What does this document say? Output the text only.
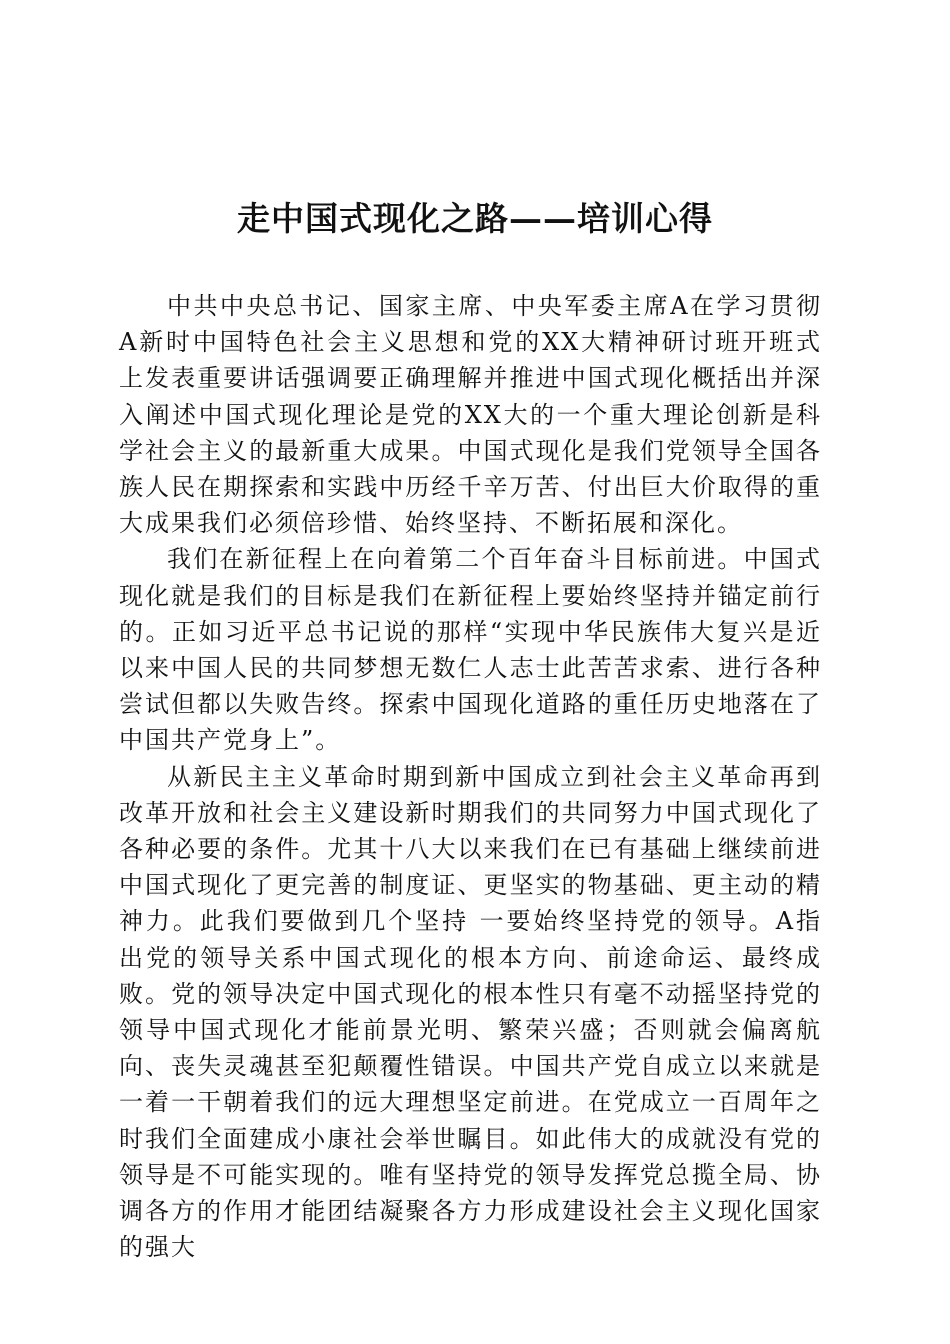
走中国式现化之路——培训心得

中共中央总书记、国家主席、中央军委主席A在学习贯彻A新时中国特色社会主义思想和党的XX大精神研讨班开班式上发表重要讲话强调要正确理解并推进中国式现化概括出并深入阐述中国式现化理论是党的XX大的一个重大理论创新是科学社会主义的最新重大成果。中国式现化是我们党领导全国各族人民在期探索和实践中历经千辛万苦、付出巨大价取得的重大成果我们必须倍珍惜、始终坚持、不断拓展和深化。

我们在新征程上在向着第二个百年奋斗目标前进。中国式现化就是我们的目标是我们在新征程上要始终坚持并锚定前行的。正如习近平总书记说的那样“实现中华民族伟大复兴是近以来中国人民的共同梦想无数仁人志士此苦苦求索、进行各种尝试但都以失败告终。探索中国现化道路的重任历史地落在了中国共产党身上”。

从新民主主义革命时期到新中国成立到社会主义革命再到改革开放和社会主义建设新时期我们的共同努力中国式现化了各种必要的条件。尤其十八大以来我们在已有基础上继续前进中国式现化了更完善的制度证、更坚实的物基础、更主动的精神力。此我们要做到几个坚持 一要始终坚持党的领导。A指出党的领导关系中国式现化的根本方向、前途命运、最终成败。党的领导决定中国式现化的根本性只有毫不动摇坚持党的领导中国式现化才能前景光明、繁荣兴盛；否则就会偏离航向、丧失灵魂甚至犯颠覆性错误。中国共产党自成立以来就是一着一干朝着我们的远大理想坚定前进。在党成立一百周年之时我们全面建成小康社会举世瞩目。如此伟大的成就没有党的领导是不可能实现的。唯有坚持党的领导发挥党总揽全局、协调各方的作用才能团结凝聚各方力形成建设社会主义现化国家的强大
